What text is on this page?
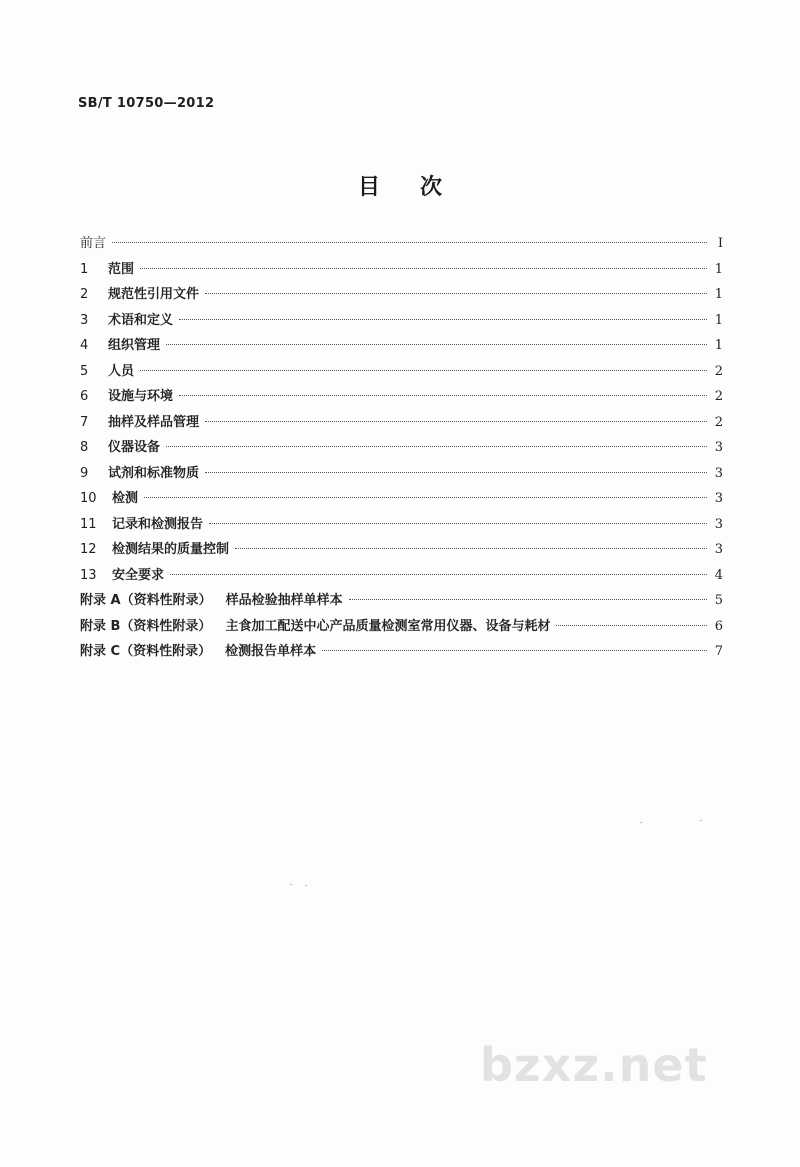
SB/T 10750—2012
目次
前言	I
1	范围	1
2	规范性引用文件	1
3	术语和定义	1
4	组织管理	1
5	人员	2
6	设施与环境	2
7	抽样及样品管理	2
8	仪器设备	3
9	试剂和标准物质	3
10	检测	3
11	记录和检测报告	3
12	检测结果的质量控制	3
13	安全要求	4
附录 A（资料性附录） 样品检验抽样单样本	5
附录 B（资料性附录） 主食加工配送中心产品质量检测室常用仪器、设备与耗材	6
附录 C（资料性附录） 检测报告单样本	7
bzxz.net
